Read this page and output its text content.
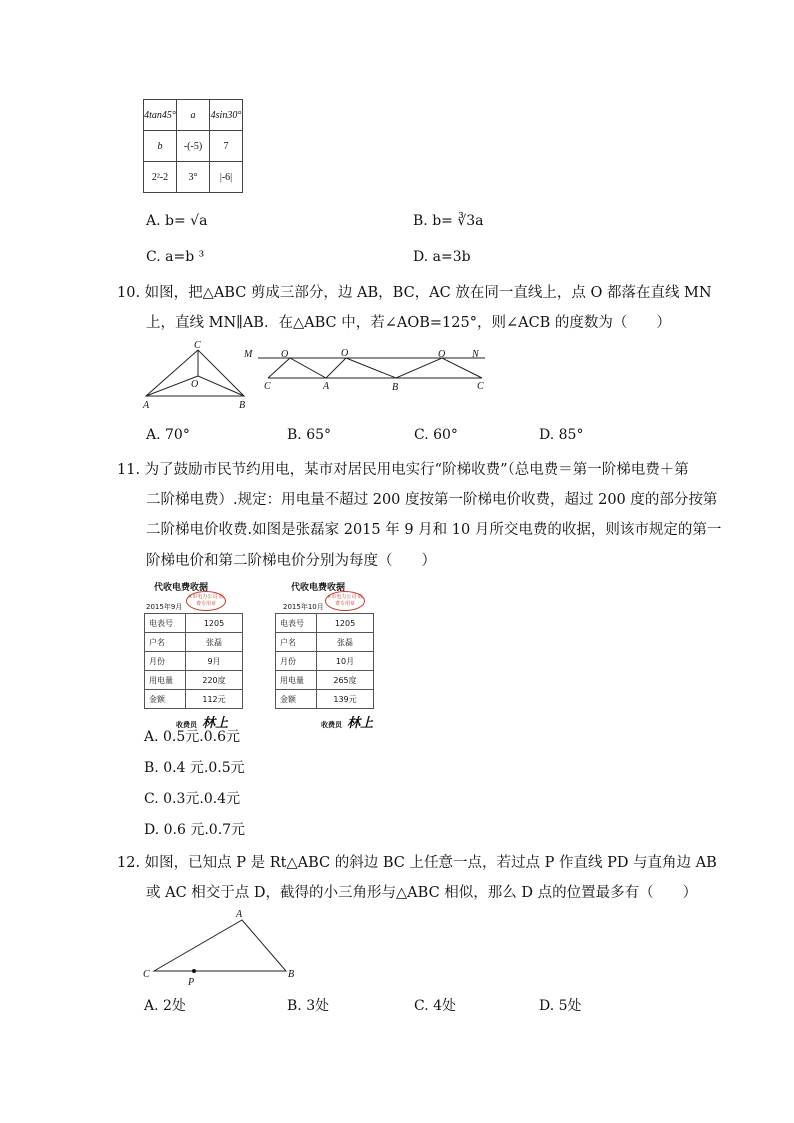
4tan45°	a	4sin30°
b	-(-5)	7
2²-2	3°	|-6|
A. b= √a	B. b= ∛3a
C. a=b ³	D. a=3b
10. 如图，把△ABC 剪成三部分，边 AB，BC，AC 放在同一直线上，点 O 都落在直线 MN
上，直线 MN∥AB．在△ABC 中，若∠AOB=125°，则∠ACB 的度数为（　　）
C
O
A	B
M	N
O	O	O
C	A	B	C
A. 70°	B. 65°	C. 60°	D. 85°
11. 为了鼓励市民节约用电，某市对居民用电实行“阶梯收费”（总电费＝第一阶梯电费＋第
二阶梯电费）.规定：用电量不超过 200 度按第一阶梯电价收费，超过 200 度的部分按第
二阶梯电价收费.如图是张磊家 2015 年 9 月和 10 月所交电费的收据，则该市规定的第一
阶梯电价和第二阶梯电价分别为每度（　　）
代收电费收据
2015年9月
×市电力公司 收费专用章
电表号	1205
户名	张磊
月份	9月
用电量	220度
金额	112元
收费员 林上
代收电费收据
2015年10月
×市电力公司 收费专用章
电表号	1205
户名	张磊
月份	10月
用电量	265度
金额	139元
收费员 林上
A. 0.5元.0.6元
B. 0.4 元.0.5元
C. 0.3元.0.4元
D. 0.6 元.0.7元
12. 如图，已知点 P 是 Rt△ABC 的斜边 BC 上任意一点，若过点 P 作直线 PD 与直角边 AB
或 AC 相交于点 D，截得的小三角形与△ABC 相似，那么 D 点的位置最多有（　　）
A
B
C
P
A. 2处	B. 3处	C. 4处	D. 5处
